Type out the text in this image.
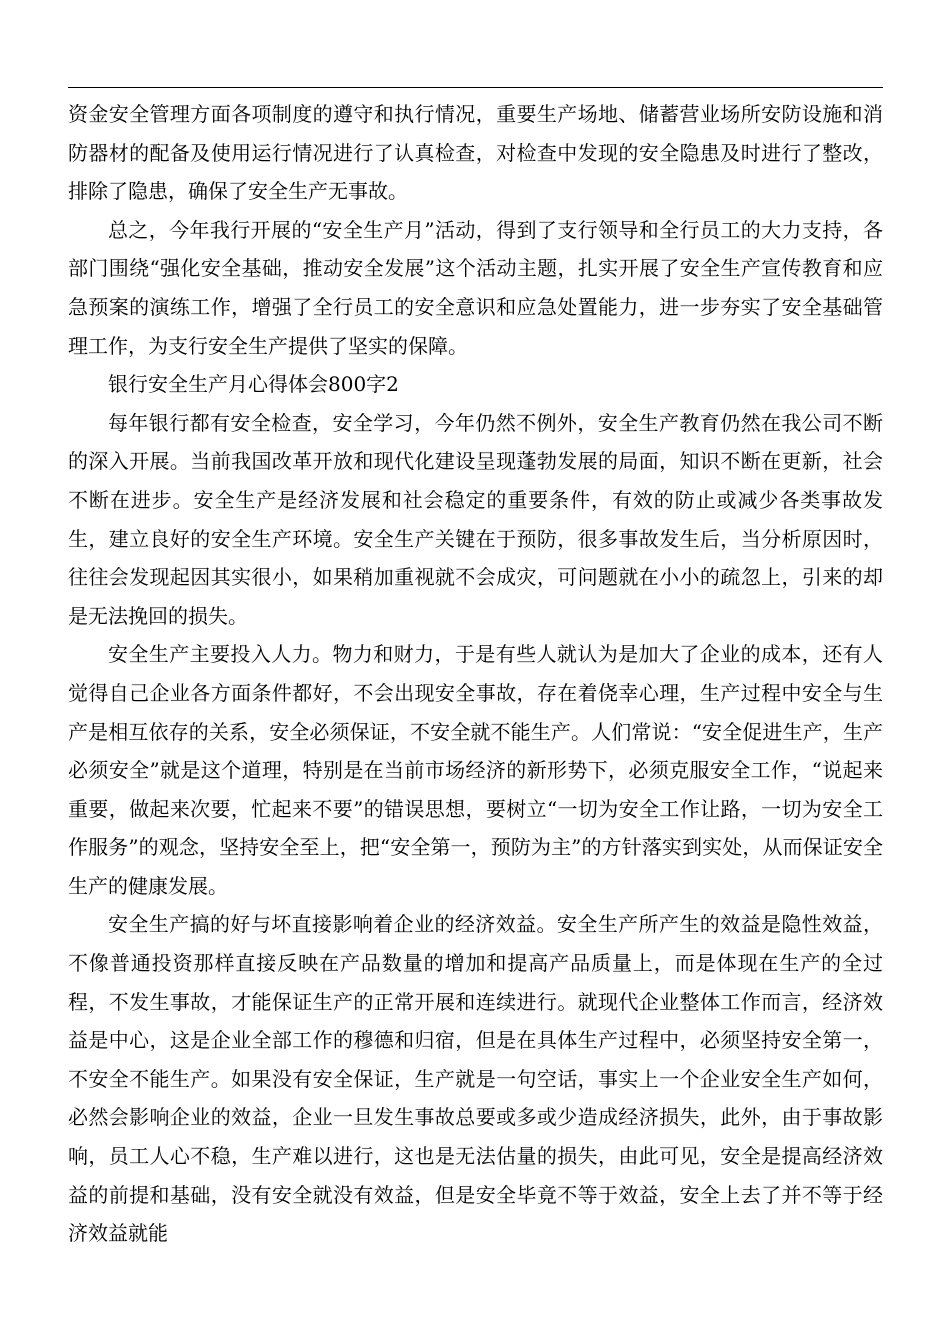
资金安全管理方面各项制度的遵守和执行情况，重要生产场地、储蓄营业场所安防设施和消防器材的配备及使用运行情况进行了认真检查，对检查中发现的安全隐患及时进行了整改，排除了隐患，确保了安全生产无事故。

总之，今年我行开展的“安全生产月”活动，得到了支行领导和全行员工的大力支持，各部门围绕“强化安全基础，推动安全发展”这个活动主题，扎实开展了安全生产宣传教育和应急预案的演练工作，增强了全行员工的安全意识和应急处置能力，进一步夯实了安全基础管理工作，为支行安全生产提供了坚实的保障。

银行安全生产月心得体会800字2

每年银行都有安全检查，安全学习，今年仍然不例外，安全生产教育仍然在我公司不断的深入开展。当前我国改革开放和现代化建设呈现蓬勃发展的局面，知识不断在更新，社会不断在进步。安全生产是经济发展和社会稳定的重要条件，有效的防止或减少各类事故发生，建立良好的安全生产环境。安全生产关键在于预防，很多事故发生后，当分析原因时，往往会发现起因其实很小，如果稍加重视就不会成灾，可问题就在小小的疏忽上，引来的却是无法挽回的损失。

安全生产主要投入人力。物力和财力，于是有些人就认为是加大了企业的成本，还有人觉得自己企业各方面条件都好，不会出现安全事故，存在着侥幸心理，生产过程中安全与生产是相互依存的关系，安全必须保证，不安全就不能生产。人们常说：“安全促进生产，生产必须安全”就是这个道理，特别是在当前市场经济的新形势下，必须克服安全工作，“说起来重要，做起来次要，忙起来不要”的错误思想，要树立“一切为安全工作让路，一切为安全工作服务”的观念，坚持安全至上，把“安全第一，预防为主”的方针落实到实处，从而保证安全生产的健康发展。

安全生产搞的好与坏直接影响着企业的经济效益。安全生产所产生的效益是隐性效益，不像普通投资那样直接反映在产品数量的增加和提高产品质量上，而是体现在生产的全过程，不发生事故，才能保证生产的正常开展和连续进行。就现代企业整体工作而言，经济效益是中心，这是企业全部工作的穆德和归宿，但是在具体生产过程中，必须坚持安全第一，不安全不能生产。如果没有安全保证，生产就是一句空话，事实上一个企业安全生产如何，必然会影响企业的效益，企业一旦发生事故总要或多或少造成经济损失，此外，由于事故影响，员工人心不稳，生产难以进行，这也是无法估量的损失，由此可见，安全是提高经济效益的前提和基础，没有安全就没有效益，但是安全毕竟不等于效益，安全上去了并不等于经济效益就能
